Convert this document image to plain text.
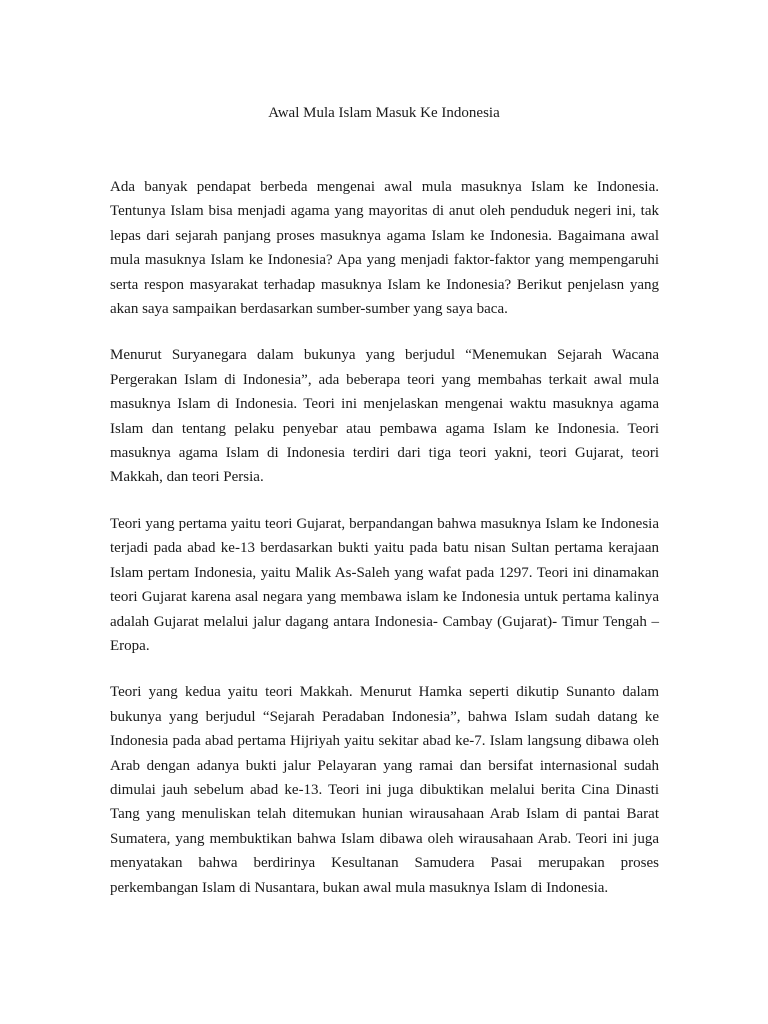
Awal Mula Islam Masuk Ke Indonesia

Ada banyak pendapat berbeda mengenai awal mula masuknya Islam ke Indonesia. Tentunya Islam bisa menjadi agama yang mayoritas di anut oleh penduduk negeri ini, tak lepas dari sejarah panjang proses masuknya agama Islam ke Indonesia. Bagaimana awal mula masuknya Islam ke Indonesia? Apa yang menjadi faktor-faktor yang mempengaruhi serta respon masyarakat terhadap masuknya Islam ke Indonesia? Berikut penjelasn yang akan saya sampaikan berdasarkan sumber-sumber yang saya baca.

Menurut Suryanegara dalam bukunya yang berjudul “Menemukan Sejarah Wacana Pergerakan Islam di Indonesia”, ada beberapa teori yang membahas terkait awal mula masuknya Islam di Indonesia. Teori ini menjelaskan mengenai waktu masuknya agama Islam dan tentang pelaku penyebar atau pembawa agama Islam ke Indonesia. Teori masuknya agama Islam di Indonesia terdiri dari tiga teori yakni, teori Gujarat, teori Makkah, dan teori Persia.

Teori yang pertama yaitu teori Gujarat, berpandangan bahwa masuknya Islam ke Indonesia terjadi pada abad ke-13 berdasarkan bukti yaitu pada batu nisan Sultan pertama kerajaan Islam pertam Indonesia, yaitu Malik As-Saleh yang wafat pada 1297. Teori ini dinamakan teori Gujarat karena asal negara yang membawa islam ke Indonesia untuk pertama kalinya adalah Gujarat melalui jalur dagang antara Indonesia- Cambay (Gujarat)- Timur Tengah – Eropa.

Teori yang kedua yaitu teori Makkah. Menurut Hamka seperti dikutip Sunanto dalam bukunya yang berjudul “Sejarah Peradaban Indonesia”, bahwa Islam sudah datang ke Indonesia pada abad pertama Hijriyah yaitu sekitar abad ke-7. Islam langsung dibawa oleh Arab dengan adanya bukti jalur Pelayaran yang ramai dan bersifat internasional sudah dimulai jauh sebelum abad ke-13. Teori ini juga dibuktikan melalui berita Cina Dinasti Tang yang menuliskan telah ditemukan hunian wirausahaan Arab Islam di pantai Barat Sumatera, yang membuktikan bahwa Islam dibawa oleh wirausahaan Arab. Teori ini juga menyatakan bahwa berdirinya Kesultanan Samudera Pasai merupakan proses perkembangan Islam di Nusantara, bukan awal mula masuknya Islam di Indonesia.
